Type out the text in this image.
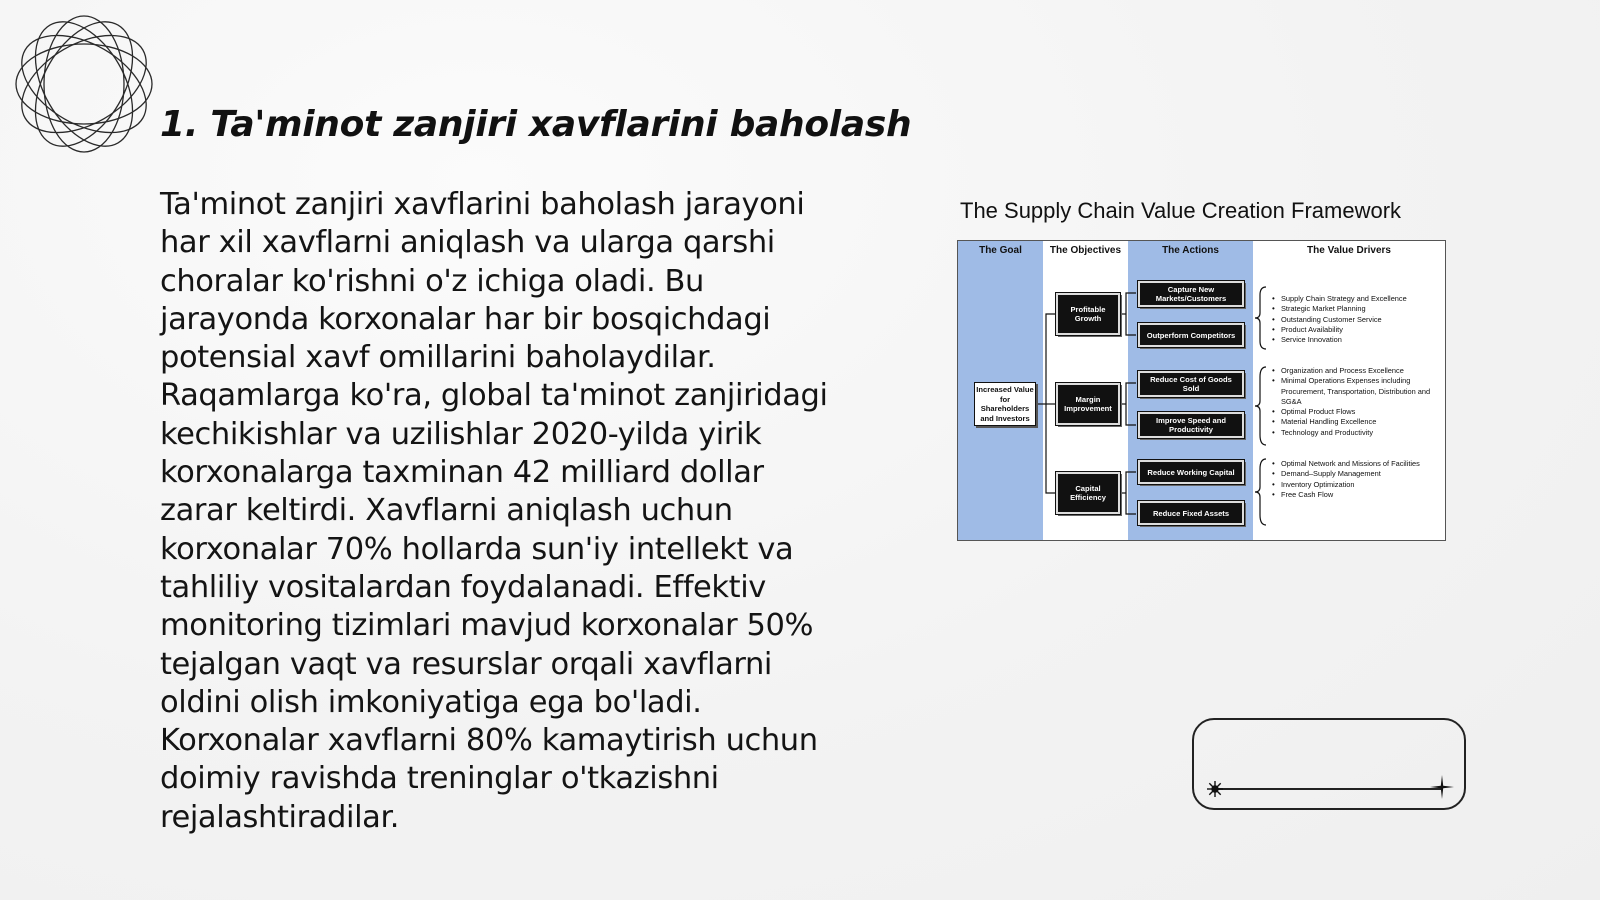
1. Ta'minot zanjiri xavflarini baholash

Ta'minot zanjiri xavflarini baholash jarayoni har xil xavflarni aniqlash va ularga qarshi choralar ko'rishni o'z ichiga oladi. Bu jarayonda korxonalar har bir bosqichdagi potensial xavf omillarini baholaydilar. Raqamlarga ko'ra, global ta'minot zanjiridagi kechikishlar va uzilishlar 2020-yilda yirik korxonalarga taxminan 42 milliard dollar zarar keltirdi. Xavflarni aniqlash uchun korxonalar 70% hollarda sun'iy intellekt va tahliliy vositalardan foydalanadi. Effektiv monitoring tizimlari mavjud korxonalar 50% tejalgan vaqt va resurslar orqali xavflarni oldini olish imkoniyatiga ega bo'ladi. Korxonalar xavflarni 80% kamaytirish uchun doimiy ravishda treninglar o'tkazishni rejalashtiradilar.

The Supply Chain Value Creation Framework
The Goal	The Objectives	The Actions	The Value Drivers
Increased Value for Shareholders and Investors
Profitable Growth
Margin Improvement
Capital Efficiency
Capture New Markets/Customers
Outperform Competitors
Reduce Cost of Goods Sold
Improve Speed and Productivity
Reduce Working Capital
Reduce Fixed Assets
• Supply Chain Strategy and Excellence
• Strategic Market Planning
• Outstanding Customer Service
• Product Availability
• Service Innovation
• Organization and Process Excellence
• Minimal Operations Expenses including Procurement, Transportation, Distribution and SG&A
• Optimal Product Flows
• Material Handling Excellence
• Technology and Productivity
• Optimal Network and Missions of Facilities
• Demand–Supply Management
• Inventory Optimization
• Free Cash Flow
